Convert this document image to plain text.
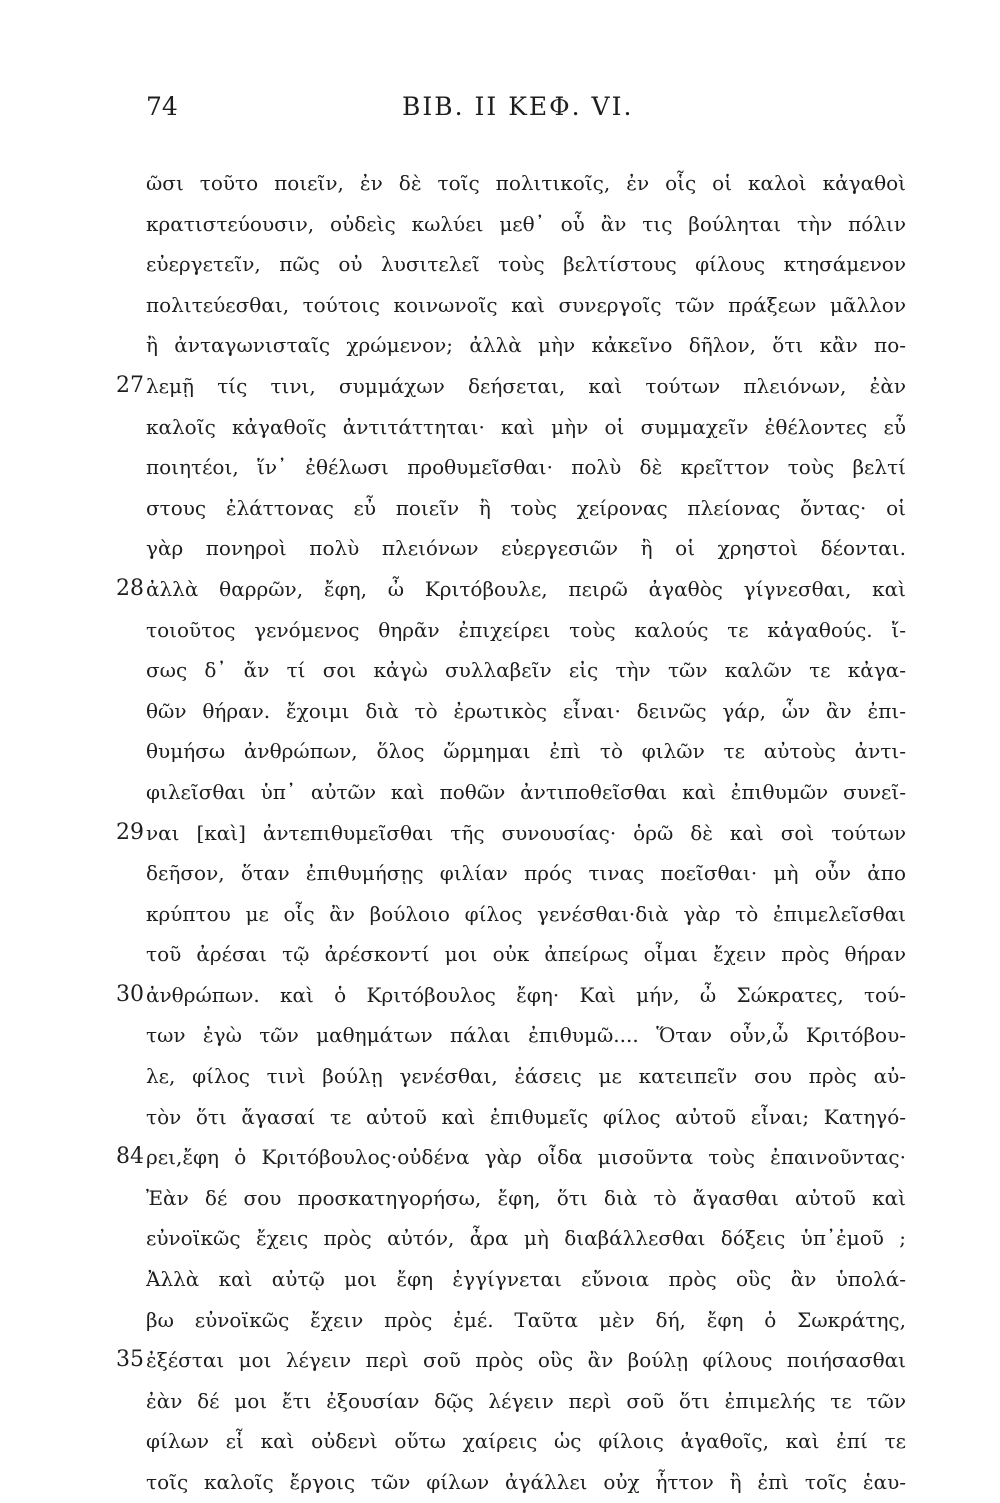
74	BIB. II ΚΕΦ. VI.
ῶσι τοῦτο ποιεῖν, ἐν δὲ τοῖς πολιτικοῖς, ἐν οἷς οἱ καλοὶ κἀγαθοὶ
κρατιστεύουσιν, οὐδεὶς κωλύει μεθ᾽ οὗ ἂν τις βούληται τὴν πόλιν
εὐεργετεῖν, πῶς οὐ λυσιτελεῖ τοὺς βελτίστους φίλους κτησάμενον
πολιτεύεσθαι, τούτοις κοινωνοῖς καὶ συνεργοῖς τῶν πράξεων μᾶλλον
ἢ ἀνταγωνισταῖς χρώμενον; ἀλλὰ μὴν κἀκεῖνο δῆλον, ὅτι κἂν πο-
27 λεμῇ τίς τινι, συμμάχων δεήσεται, καὶ τούτων πλειόνων, ἐὰν
καλοῖς κἀγαθοῖς ἀντιτάττηται· καὶ μὴν οἱ συμμαχεῖν ἐθέλοντες εὖ
ποιητέοι, ἵν᾽ ἐθέλωσι προθυμεῖσθαι· πολὺ δὲ κρεῖττον τοὺς βελτί
στους ἐλάττονας εὖ ποιεῖν ἢ τοὺς χείρονας πλείονας ὄντας· οἱ
γὰρ πονηροὶ πολὺ πλειόνων εὐεργεσιῶν ἢ οἱ χρηστοὶ δέονται.
28 ἀλλὰ θαρρῶν, ἔφη, ὦ Κριτόβουλε, πειρῶ ἀγαθὸς γίγνεσθαι, καὶ
τοιοῦτος γενόμενος θηρᾶν ἐπιχείρει τοὺς καλούς τε κἀγαθούς. ἴ-
σως δ᾽ ἄν τί σοι κἀγὼ συλλαβεῖν εἰς τὴν τῶν καλῶν τε κἀγα-
θῶν θήραν. ἔχοιμι διὰ τὸ ἐρωτικὸς εἶναι· δεινῶς γάρ, ὧν ἂν ἐπι-
θυμήσω ἀνθρώπων, ὅλος ὥρμημαι ἐπὶ τὸ φιλῶν τε αὐτοὺς ἀντι-
φιλεῖσθαι ὑπ᾽ αὐτῶν καὶ ποθῶν ἀντιποθεῖσθαι καὶ ἐπιθυμῶν συνεῖ-
29 ναι [καὶ] ἀντεπιθυμεῖσθαι τῆς συνουσίας· ὁρῶ δὲ καὶ σοὶ τούτων
δεῆσον, ὅταν ἐπιθυμήσῃς φιλίαν πρός τινας ποεῖσθαι· μὴ οὖν ἀπο
κρύπτου με οἷς ἂν βούλοιο φίλος γενέσθαι·διὰ γὰρ τὸ ἐπιμελεῖσθαι
τοῦ ἀρέσαι τῷ ἀρέσκοντί μοι οὐκ ἀπείρως οἶμαι ἔχειν πρὸς θήραν
30 ἀνθρώπων. καὶ ὁ Κριτόβουλος ἔφη· Καὶ μήν, ὦ Σώκρατες, τού-
των ἐγὼ τῶν μαθημάτων πάλαι ἐπιθυμῶ.... Ὅταν οὖν,ὦ Κριτόβου-
λε, φίλος τινὶ βούλῃ γενέσθαι, ἐάσεις με κατειπεῖν σου πρὸς αὐ-
τὸν ὅτι ἄγασαί τε αὐτοῦ καὶ ἐπιθυμεῖς φίλος αὐτοῦ εἶναι; Κατηγό-
84 ρει,ἔφη ὁ Κριτόβουλος·οὐδένα γὰρ οἶδα μισοῦντα τοὺς ἐπαινοῦντας·
Ἐὰν δέ σου προσκατηγορήσω, ἔφη, ὅτι διὰ τὸ ἄγασθαι αὐτοῦ καὶ
εὐνοϊκῶς ἔχεις πρὸς αὐτόν, ἆρα μὴ διαβάλλεσθαι δόξεις ὑπ᾽ἐμοῦ ;
Ἀλλὰ καὶ αὐτῷ μοι ἔφη ἐγγίγνεται εὔνοια πρὸς οὓς ἂν ὑπολά-
βω εὐνοϊκῶς ἔχειν πρὸς ἐμέ. Ταῦτα μὲν δή, ἔφη ὁ Σωκράτης,
35 ἐξέσται μοι λέγειν περὶ σοῦ πρὸς οὓς ἂν βούλῃ φίλους ποιήσασθαι
ἐὰν δέ μοι ἔτι ἐξουσίαν δῷς λέγειν περὶ σοῦ ὅτι ἐπιμελής τε τῶν
φίλων εἶ καὶ οὐδενὶ οὕτω χαίρεις ὡς φίλοις ἀγαθοῖς, καὶ ἐπί τε
τοῖς καλοῖς ἔργοις τῶν φίλων ἀγάλλει οὐχ ἧττον ἢ ἐπὶ τοῖς ἑαυ-
